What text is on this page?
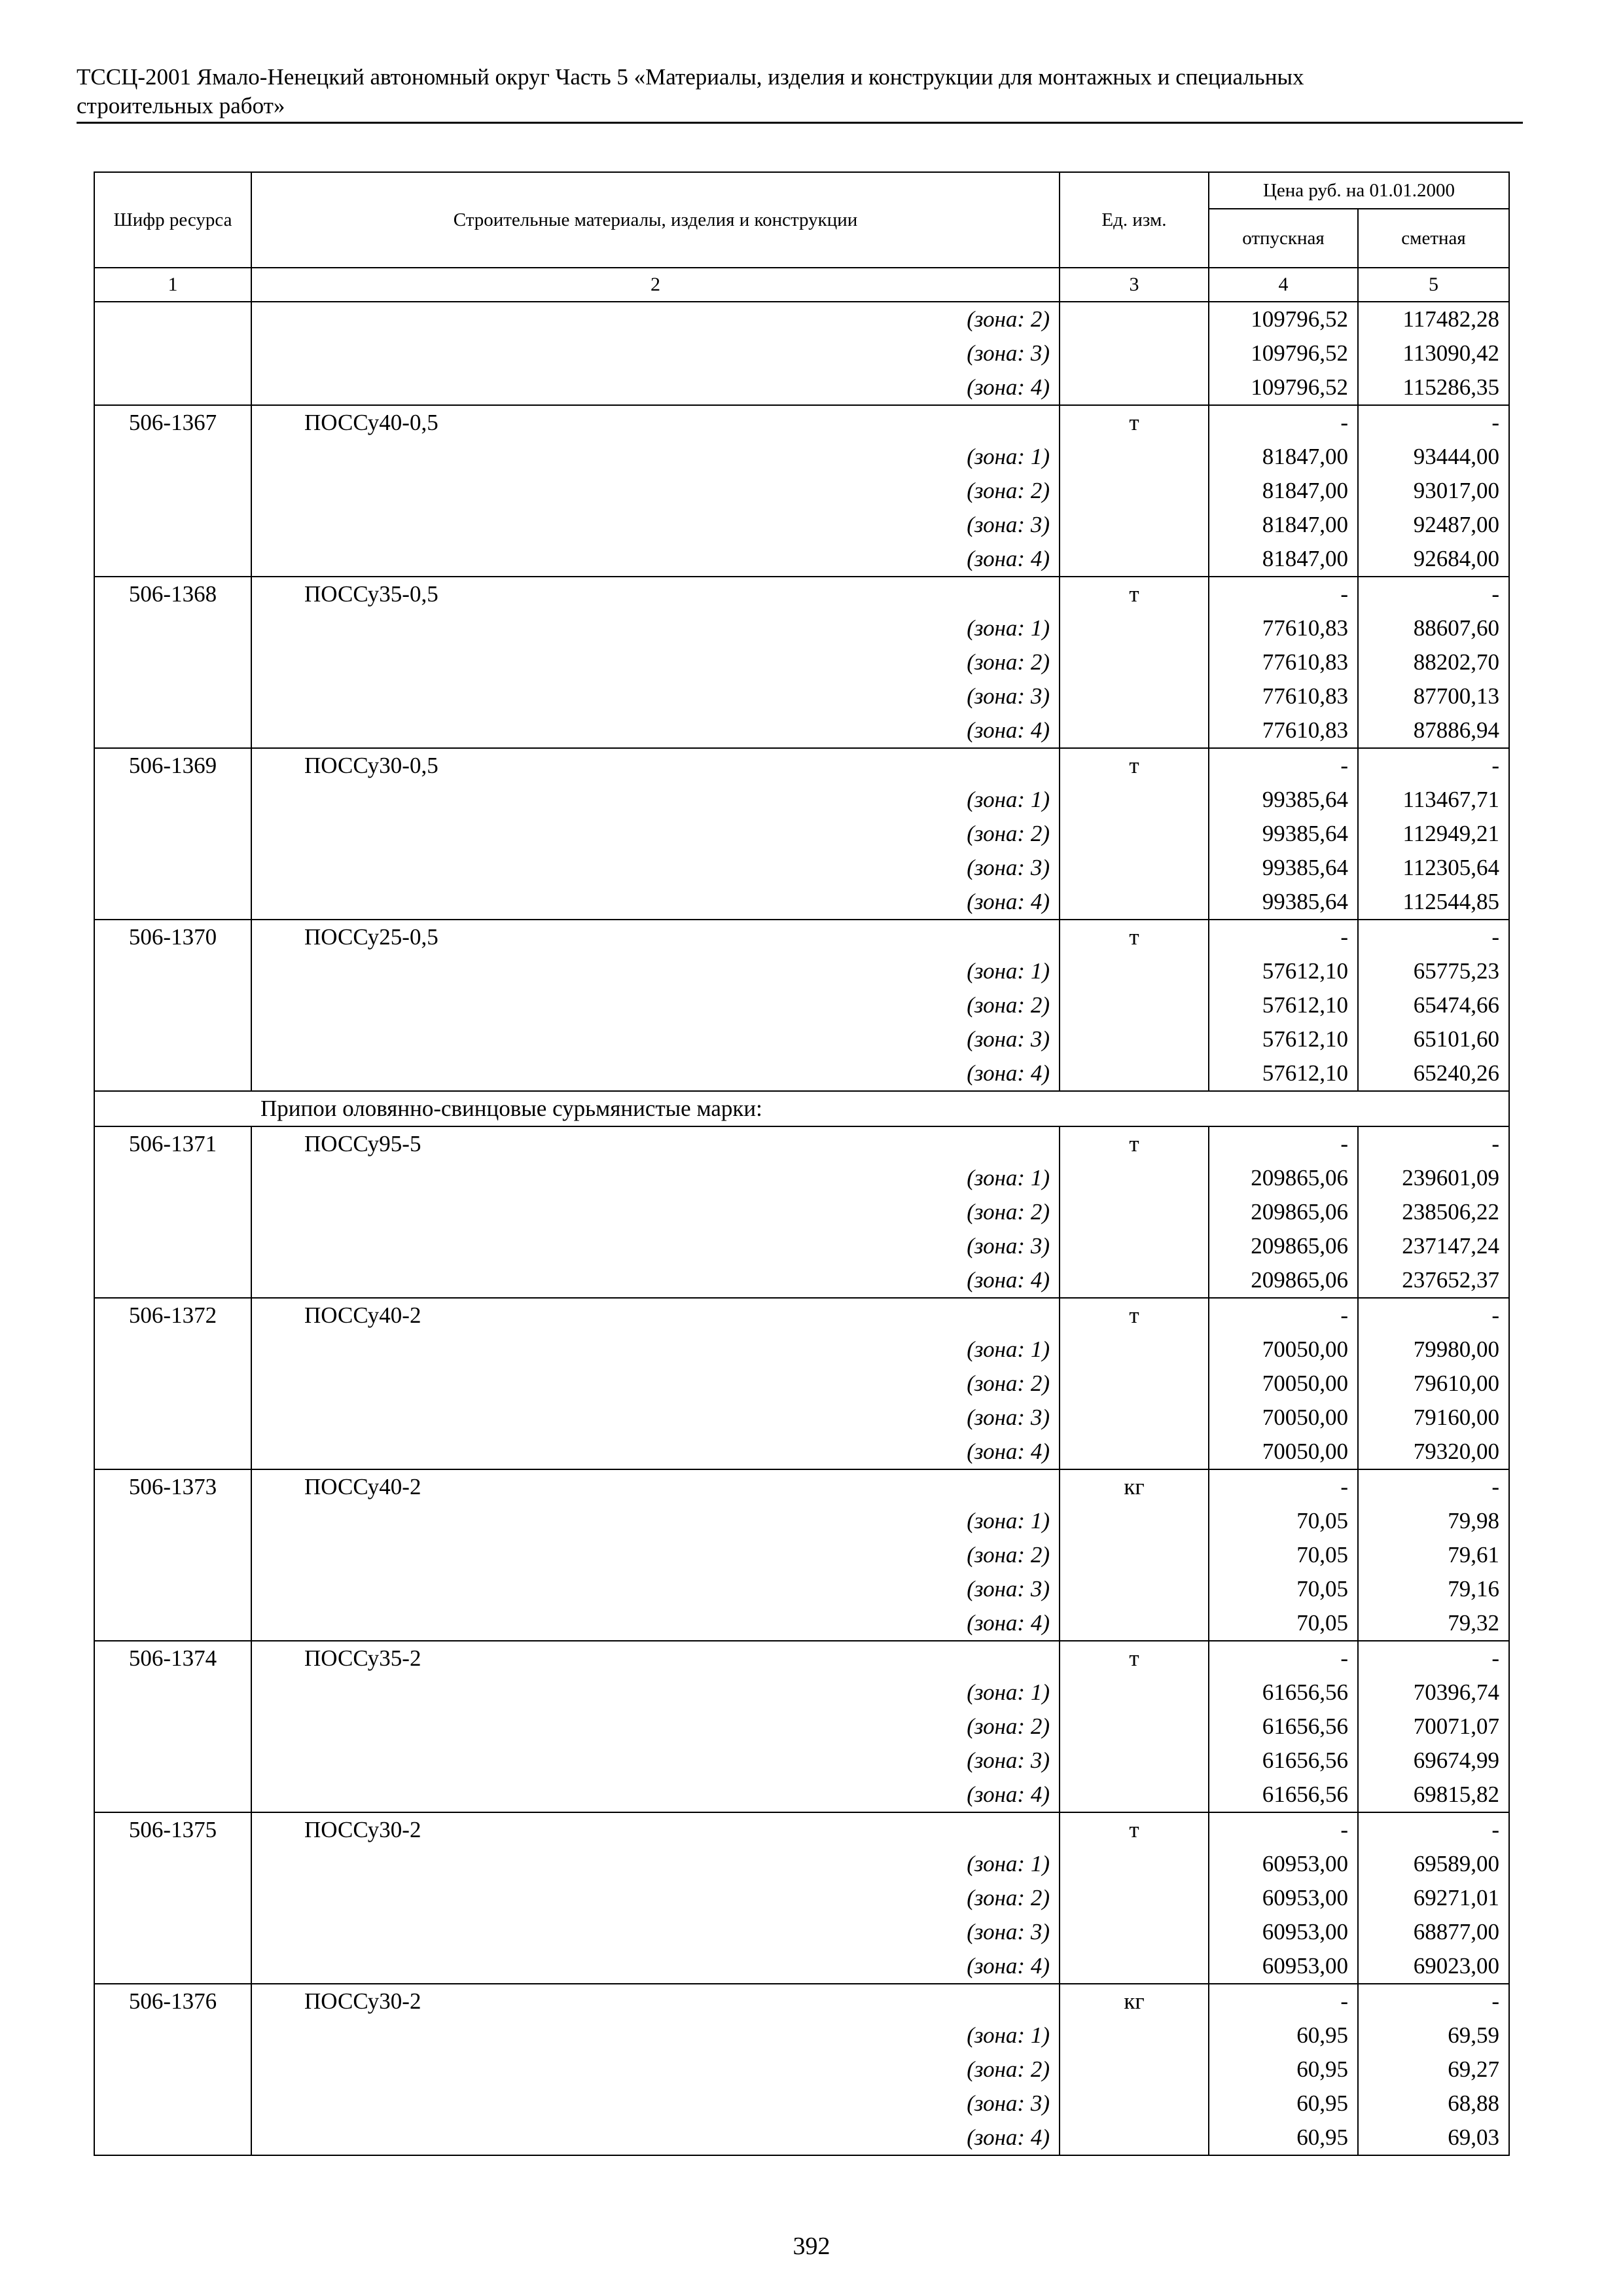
ТССЦ-2001 Ямало-Ненецкий автономный округ Часть 5 «Материалы, изделия и конструкции для монтажных и специальных
строительных работ»
Шифр ресурса	Строительные материалы, изделия и конструкции	Ед. изм.	Цена руб. на 01.01.2000	
			отпускная	сметная
1	2	3	4	5
	(зона: 2)		109796,52	117482,28
	(зона: 3)		109796,52	113090,42
	(зона: 4)		109796,52	115286,35
506-1367	ПОССу40-0,5	т	-	-
	(зона: 1)		81847,00	93444,00
	(зона: 2)		81847,00	93017,00
	(зона: 3)		81847,00	92487,00
	(зона: 4)		81847,00	92684,00
506-1368	ПОССу35-0,5	т	-	-
	(зона: 1)		77610,83	88607,60
	(зона: 2)		77610,83	88202,70
	(зона: 3)		77610,83	87700,13
	(зона: 4)		77610,83	87886,94
506-1369	ПОССу30-0,5	т	-	-
	(зона: 1)		99385,64	113467,71
	(зона: 2)		99385,64	112949,21
	(зона: 3)		99385,64	112305,64
	(зона: 4)		99385,64	112544,85
506-1370	ПОССу25-0,5	т	-	-
	(зона: 1)		57612,10	65775,23
	(зона: 2)		57612,10	65474,66
	(зона: 3)		57612,10	65101,60
	(зона: 4)		57612,10	65240,26
	Припои оловянно-свинцовые сурьмянистые марки:			
506-1371	ПОССу95-5	т	-	-
	(зона: 1)		209865,06	239601,09
	(зона: 2)		209865,06	238506,22
	(зона: 3)		209865,06	237147,24
	(зона: 4)		209865,06	237652,37
506-1372	ПОССу40-2	т	-	-
	(зона: 1)		70050,00	79980,00
	(зона: 2)		70050,00	79610,00
	(зона: 3)		70050,00	79160,00
	(зона: 4)		70050,00	79320,00
506-1373	ПОССу40-2	кг	-	-
	(зона: 1)		70,05	79,98
	(зона: 2)		70,05	79,61
	(зона: 3)		70,05	79,16
	(зона: 4)		70,05	79,32
506-1374	ПОССу35-2	т	-	-
	(зона: 1)		61656,56	70396,74
	(зона: 2)		61656,56	70071,07
	(зона: 3)		61656,56	69674,99
	(зона: 4)		61656,56	69815,82
506-1375	ПОССу30-2	т	-	-
	(зона: 1)		60953,00	69589,00
	(зона: 2)		60953,00	69271,01
	(зона: 3)		60953,00	68877,00
	(зона: 4)		60953,00	69023,00
506-1376	ПОССу30-2	кг	-	-
	(зона: 1)		60,95	69,59
	(зона: 2)		60,95	69,27
	(зона: 3)		60,95	68,88
	(зона: 4)		60,95	69,03
392
